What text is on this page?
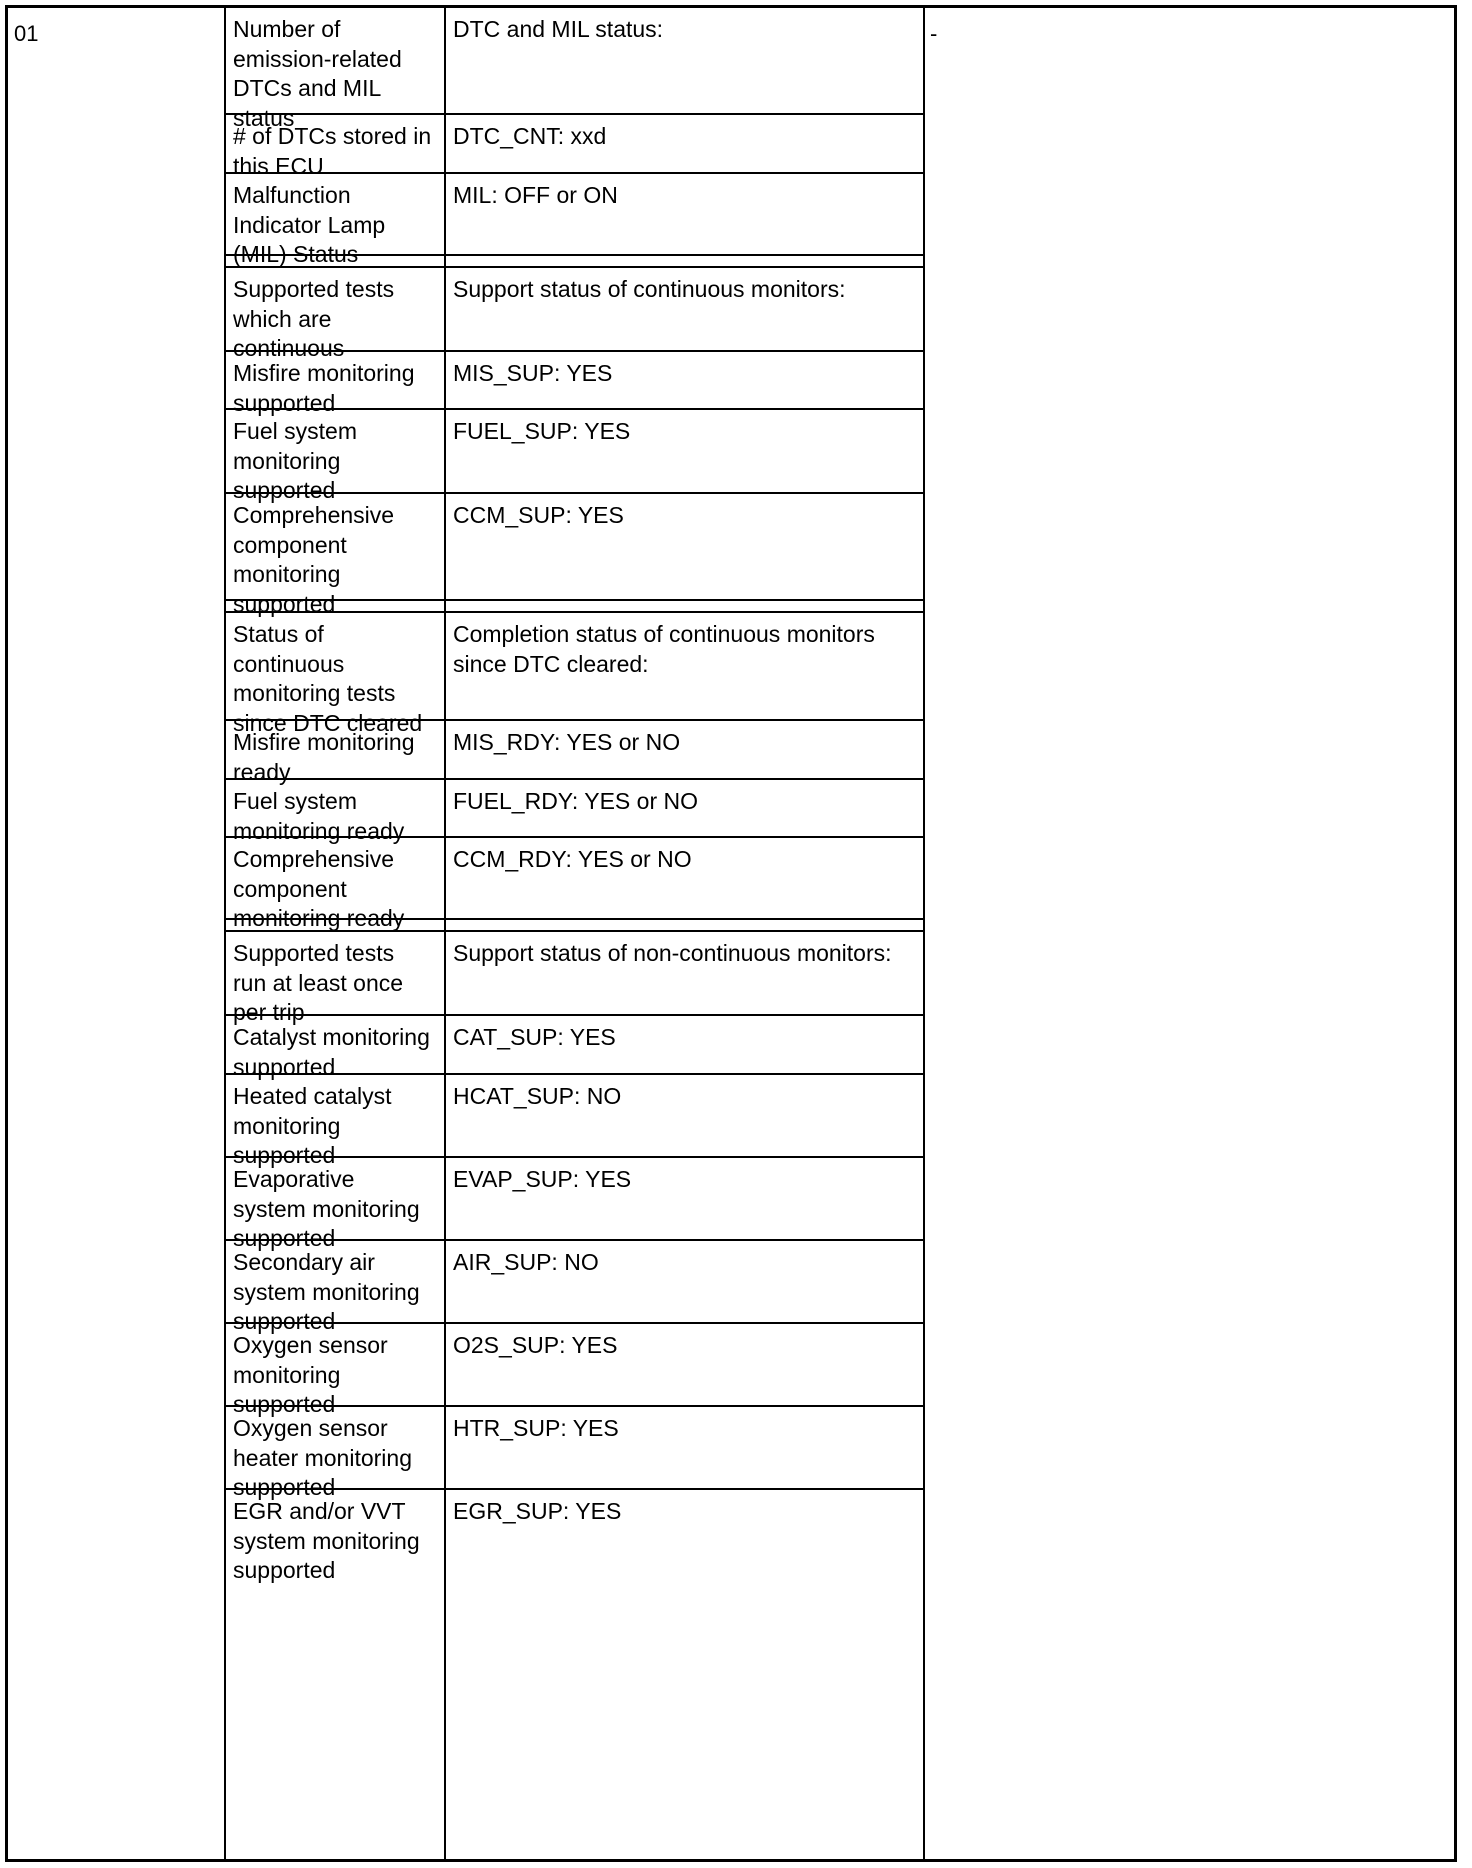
01	-
Number of
emission-related
DTCs and MIL
status
DTC and MIL status:
# of DTCs stored in
this ECU
DTC_CNT: xxd
Malfunction
Indicator Lamp
(MIL) Status
MIL: OFF or ON
Supported tests
which are
continuous
Support status of continuous monitors:
Misfire monitoring
supported
MIS_SUP: YES
Fuel system
monitoring
supported
FUEL_SUP: YES
Comprehensive
component
monitoring
supported
CCM_SUP: YES
Status of
continuous
monitoring tests
since DTC cleared
Completion status of continuous monitors
since DTC cleared:
Misfire monitoring
ready
MIS_RDY: YES or NO
Fuel system
monitoring ready
FUEL_RDY: YES or NO
Comprehensive
component
monitoring ready
CCM_RDY: YES or NO
Supported tests
run at least once
per trip
Support status of non-continuous monitors:
Catalyst monitoring
supported
CAT_SUP: YES
Heated catalyst
monitoring
supported
HCAT_SUP: NO
Evaporative
system monitoring
supported
EVAP_SUP: YES
Secondary air
system monitoring
supported
AIR_SUP: NO
Oxygen sensor
monitoring
supported
O2S_SUP: YES
Oxygen sensor
heater monitoring
supported
HTR_SUP: YES
EGR and/or VVT
system monitoring
supported
EGR_SUP: YES
